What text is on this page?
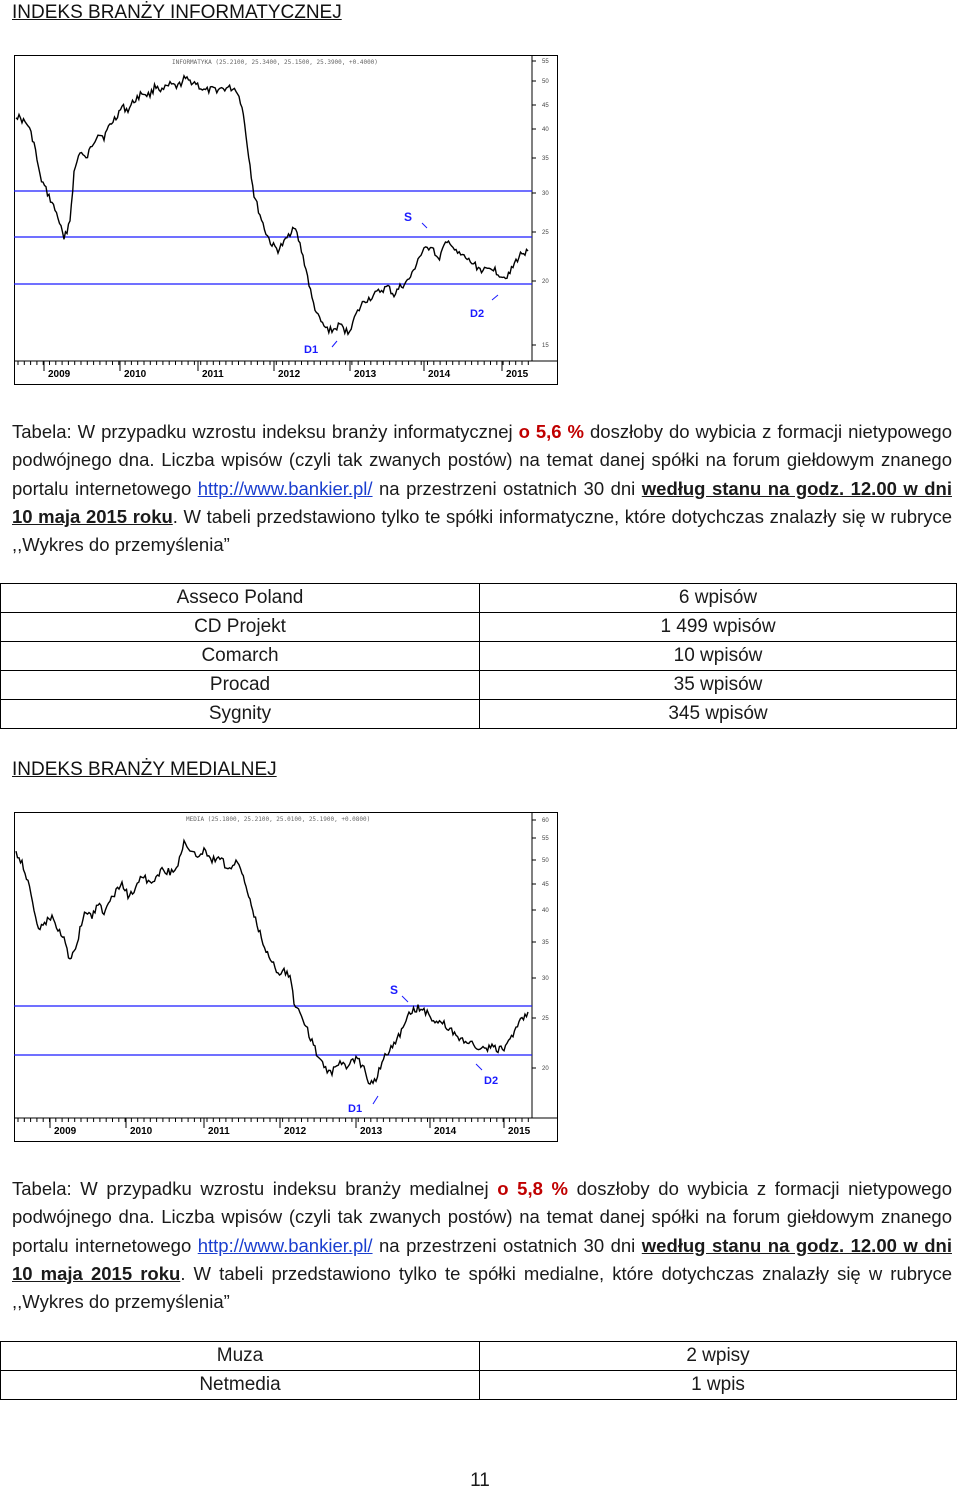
INDEKS BRANŻY INFORMATYCZNEJ
INFORMATYKA (25.2100, 25.3400, 25.1500, 25.3900, +0.4000)	55
50
45
40
35
30
25
20
15
2009	2010	2011	2012	2013	2014	2015
S
D1
D2
Tabela: W przypadku wzrostu indeksu branży informatycznej o 5,6 % doszłoby do wybicia z formacji nietypowego podwójnego dna. Liczba wpisów (czyli tak zwanych postów) na temat danej spółki na forum giełdowym znanego portalu internetowego http://www.bankier.pl/ na przestrzeni ostatnich 30 dni według stanu na godz. 12.00 w dni 10 maja 2015 roku. W tabeli przedstawiono tylko te spółki informatyczne, które dotychczas znalazły się w rubryce ,,Wykres do przemyślenia”
Asseco Poland	6 wpisów
CD Projekt	1 499 wpisów
Comarch	10 wpisów
Procad	35 wpisów
Sygnity	345 wpisów
INDEKS BRANŻY MEDIALNEJ
MEDIA (25.1800, 25.2100, 25.0100, 25.1900, +0.0800)	60
55
50
45
40
35
30
25
20
2009	2010	2011	2012	2013	2014	2015
S
D1
D2
Tabela: W przypadku wzrostu indeksu branży medialnej o 5,8 % doszłoby do wybicia z formacji nietypowego podwójnego dna. Liczba wpisów (czyli tak zwanych postów) na temat danej spółki na forum giełdowym znanego portalu internetowego http://www.bankier.pl/ na przestrzeni ostatnich 30 dni według stanu na godz. 12.00 w dni 10 maja 2015 roku. W tabeli przedstawiono tylko te spółki medialne, które dotychczas znalazły się w rubryce ,,Wykres do przemyślenia”
Muza	2 wpisy
Netmedia	1 wpis
11
